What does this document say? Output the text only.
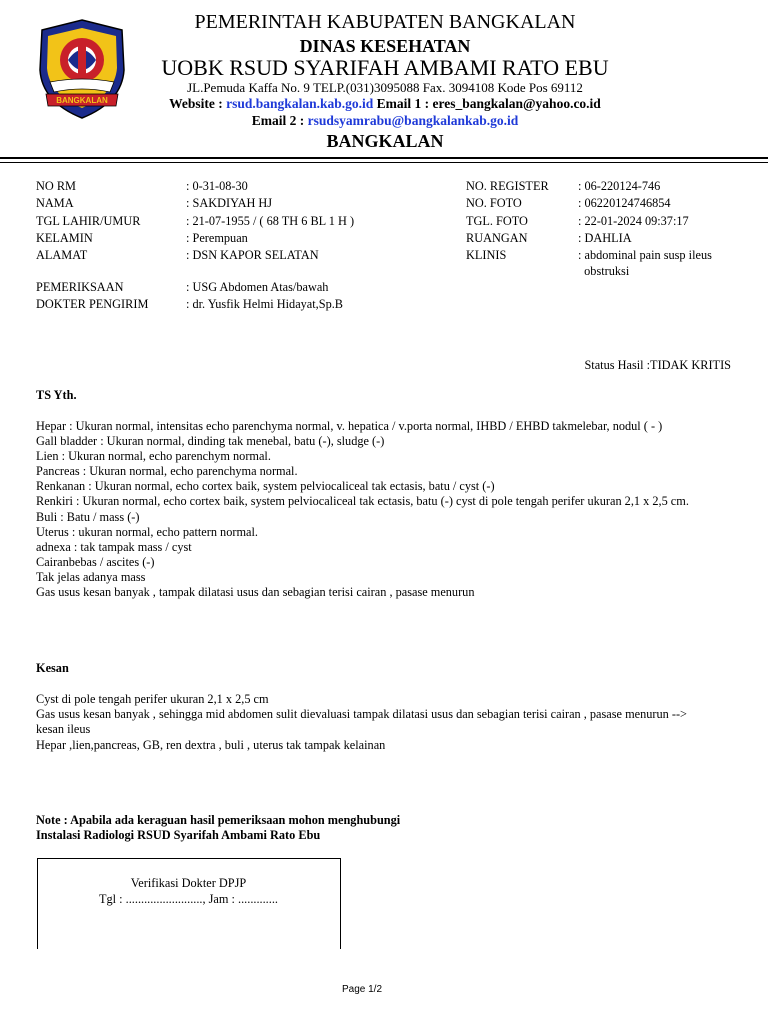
BANGKALAN
PEMERINTAH KABUPATEN BANGKALAN
DINAS KESEHATAN
UOBK RSUD SYARIFAH AMBAMI RATO EBU
JL.Pemuda Kaffa No. 9 TELP.(031)3095088 Fax. 3094108 Kode Pos 69112
Website : rsud.bangkalan.kab.go.id Email 1 : eres_bangkalan@yahoo.co.id
Email 2 : rsudsyamrabu@bangkalankab.go.id
BANGKALAN
NO RM	: 0-31-08-30
NAMA	: SAKDIYAH HJ
TGL LAHIR/UMUR	: 21-07-1955 / ( 68 TH 6 BL 1 H )
KELAMIN	: Perempuan
ALAMAT	: DSN KAPOR SELATAN
PEMERIKSAAN	: USG Abdomen Atas/bawah
DOKTER PENGIRIM	: dr. Yusfik Helmi Hidayat,Sp.B
NO. REGISTER : 06-220124-746
NO. FOTO	: 06220124746854
TGL. FOTO	: 22-01-2024 09:37:17
RUANGAN	: DAHLIA
KLINIS	: abdominal pain susp ileus
obstruksi
Status Hasil :TIDAK KRITIS
TS Yth.
Hepar : Ukuran normal, intensitas echo parenchyma normal, v. hepatica / v.porta normal, IHBD / EHBD takmelebar, nodul ( - )
Gall bladder : Ukuran normal, dinding tak menebal, batu (-), sludge (-)
Lien : Ukuran normal, echo parenchym normal.
Pancreas : Ukuran normal, echo parenchyma normal.
Renkanan : Ukuran normal, echo cortex baik, system pelviocaliceal tak ectasis, batu / cyst (-)
Renkiri : Ukuran normal, echo cortex baik, system pelviocaliceal tak ectasis, batu (-) cyst di pole tengah perifer ukuran 2,1 x 2,5 cm.
Buli : Batu / mass (-)
Uterus : ukuran normal, echo pattern normal.
adnexa : tak tampak mass / cyst
Cairanbebas / ascites (-)
Tak jelas adanya mass
Gas usus kesan banyak , tampak dilatasi usus dan sebagian terisi cairan , pasase menurun
Kesan
Cyst di pole tengah perifer ukuran 2,1 x 2,5 cm
Gas usus kesan banyak , sehingga mid abdomen sulit dievaluasi tampak dilatasi usus dan sebagian terisi cairan , pasase menurun -->
kesan ileus
Hepar ,lien,pancreas, GB, ren dextra , buli , uterus tak tampak kelainan
Note : Apabila ada keraguan hasil pemeriksaan mohon menghubungi
Instalasi Radiologi RSUD Syarifah Ambami Rato Ebu
Verifikasi Dokter DPJP
Tgl : ........................., Jam : .............
Page 1/2
